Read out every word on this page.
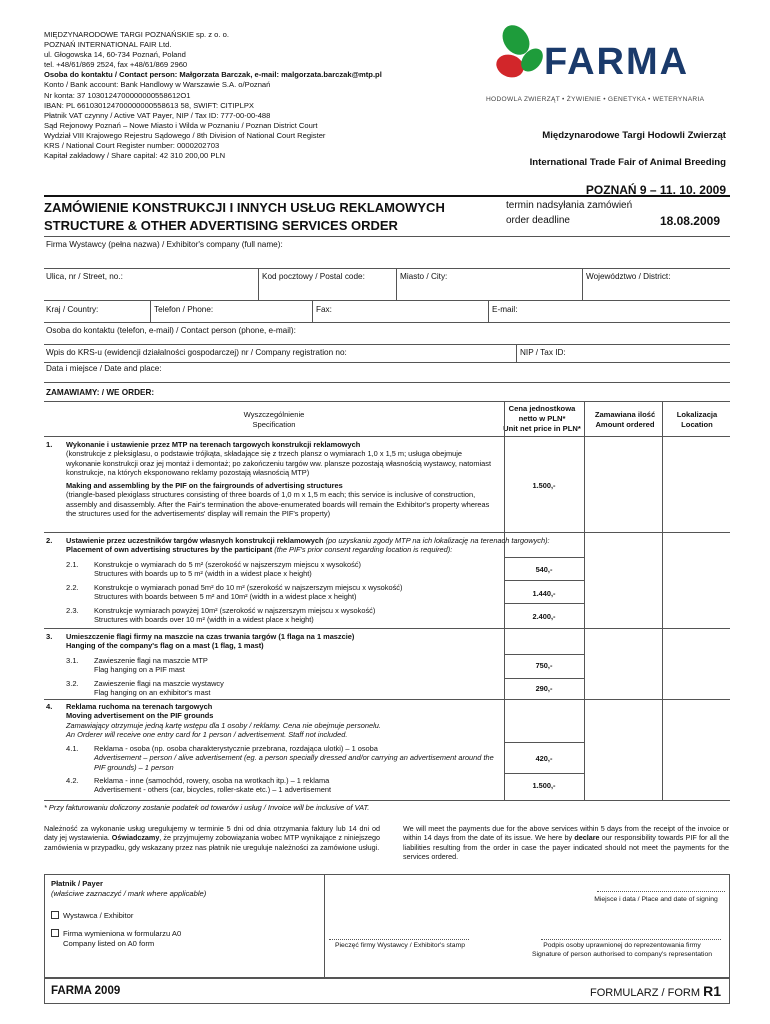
MIĘDZYNARODOWE TARGI POZNAŃSKIE sp. z o. o.
POZNAŃ INTERNATIONAL FAIR Ltd.
ul. Głogowska 14, 60-734 Poznań, Poland
tel. +48/61/869 2524, fax +48/61/869 2960
Osoba do kontaktu / Contact person: Małgorzata Barczak, e-mail: malgorzata.barczak@mtp.pl
Konto / Bank account: Bank Handlowy w Warszawie S.A. o/Poznań
Nr konta: 37 1030124700000000558612O1
IBAN: PL 661030124700000000558613 58, SWIFT: CITIPLPX
Płatnik VAT czynny / Active VAT Payer, NIP / Tax ID: 777-00-00-488
Sąd Rejonowy Poznań – Nowe Miasto i Wilda w Poznaniu / Poznan District Court
Wydział VIII Krajowego Rejestru Sądowego / 8th Division of National Court Register
KRS / National Court Register number: 0000202703
Kapitał zakładowy / Share capital: 42 310 200,00 PLN
FARMA
HODOWLA ZWIERZĄT • ŻYWIENIE • GENETYKA • WETERYNARIA
Międzynarodowe Targi Hodowli Zwierząt
International Trade Fair of Animal Breeding
POZNAŃ 9 – 11. 10. 2009
ZAMÓWIENIE KONSTRUKCJI I INNYCH USŁUG REKLAMOWYCH
STRUCTURE & OTHER ADVERTISING SERVICES ORDER
termin nadsyłania zamówień
order deadline	18.08.2009
Firma Wystawcy (pełna nazwa) / Exhibitor's company (full name):
Ulica, nr / Street, no.:	Kod pocztowy / Postal code:	Miasto / City:	Województwo / District:
Kraj / Country:	Telefon / Phone:	Fax:	E-mail:
Osoba do kontaktu (telefon, e-mail) / Contact person (phone, e-mail):
Wpis do KRS-u (ewidencji działalności gospodarczej) nr / Company registration no:	NIP / Tax ID:
Data i miejsce / Date and place:
ZAMAWIAMY: / WE ORDER:
Wyszczególnienie
Specification
Cena jednostkowa netto w PLN*
Unit net price in PLN*
Zamawiana ilość
Amount ordered
Lokalizacja
Location
1. Wykonanie i ustawienie przez MTP na terenach targowych konstrukcji reklamowych
(konstrukcje z pleksiglasu, o podstawie trójkąta, składające się z trzech plansz o wymiarach 1,0 x 1,5 m; usługa obejmuje wykonanie konstrukcji oraz jej montaż i demontaż; po zakończeniu targów ww. plansze pozostają własnością wystawcy, natomiast konstrukcje, na których eksponowano reklamy pozostają własnością MTP)
Making and assembling by the PIF on the fairgrounds of advertising structures
(triangle-based plexiglass structures consisting of three boards of 1,0 m x 1,5 m each; this service is inclusive of construction, assembly and disassembly. After the Fair's termination the above-enumerated boards will remain the Exhibitor's property whereas the structures used for the advertisements' display will remain the PIF's property)
1.500,-
2. Ustawienie przez uczestników targów własnych konstrukcji reklamowych (po uzyskaniu zgody MTP na ich lokalizację na terenach targowych):
Placement of own advertising structures by the participant (the PIF's prior consent regarding location is required):
2.1. Konstrukcje o wymiarach do 5 m² (szerokość w najszerszym miejscu x wysokość)
Structures with boards up to 5 m² (width in a widest place x height)	540,-
2.2. Konstrukcje o wymiarach ponad 5m² do 10 m² (szerokość w najszerszym miejscu x wysokość)
Structures with boards between 5 m² and 10m² (width in a widest place x height)	1.440,-
2.3. Konstrukcje wymiarach powyżej 10m² (szerokość w najszerszym miejscu x wysokość)
Structures with boards over 10 m² (width in a widest place x height)	2.400,-
3. Umieszczenie flagi firmy na maszcie na czas trwania targów (1 flaga na 1 maszcie)
Hanging of the company's flag on a mast (1 flag, 1 mast)
3.1. Zawieszenie flagi na maszcie MTP
Flag hanging on a PIF mast	750,-
3.2. Zawieszenie flagi na maszcie wystawcy
Flag hanging on an exhibitor's mast	290,-
4. Reklama ruchoma na terenach targowych
Moving advertisement on the PIF grounds
Zamawiający otrzymuje jedną kartę wstępu dla 1 osoby / reklamy. Cena nie obejmuje personelu.
An Orderer will receive one entry card for 1 person / advertisement. Staff not included.
4.1. Reklama - osoba (np. osoba charakterystycznie przebrana, rozdająca ulotki) – 1 osoba
Advertisement – person / alive advertisement (eg. a person specially dressed and/or carrying an advertisement around the PIF grounds) – 1 person
420,-
4.2. Reklama - inne (samochód, rowery, osoba na wrotkach itp.) – 1 reklama
Advertisement - others (car, bicycles, roller-skate etc.) – 1 advertisement	1.500,-
* Przy fakturowaniu doliczony zostanie podatek od towarów i usług / Invoice will be inclusive of VAT.
Należność za wykonanie usług uregulujemy w terminie 5 dni od dnia otrzymania faktury lub 14 dni od daty jej wystawienia. Oświadczamy, że przyjmujemy zobowiązania wobec MTP wynikające z niniejszego zamówienia w przypadku, gdy wskazany przez nas płatnik nie ureguluje należności za zamówione usługi.
We will meet the payments due for the above services within 5 days from the receipt of the invoice or within 14 days from the date of its issue. We here by declare our responsibility towards PIF for all the liabilities resulting from the order in case the payer indicated should not meet the payments for the services ordered.
Płatnik / Payer
(właściwe zaznaczyć / mark where applicable)
Wystawca / Exhibitor
Firma wymieniona w formularzu A0
Company listed on A0 form
Miejsce i data / Place and date of signing
Pieczęć firmy Wystawcy / Exhibitor's stamp	Podpis osoby uprawnionej do reprezentowania firmy
Signature of person authorised to company's representation
FARMA 2009	FORMULARZ / FORM R1
